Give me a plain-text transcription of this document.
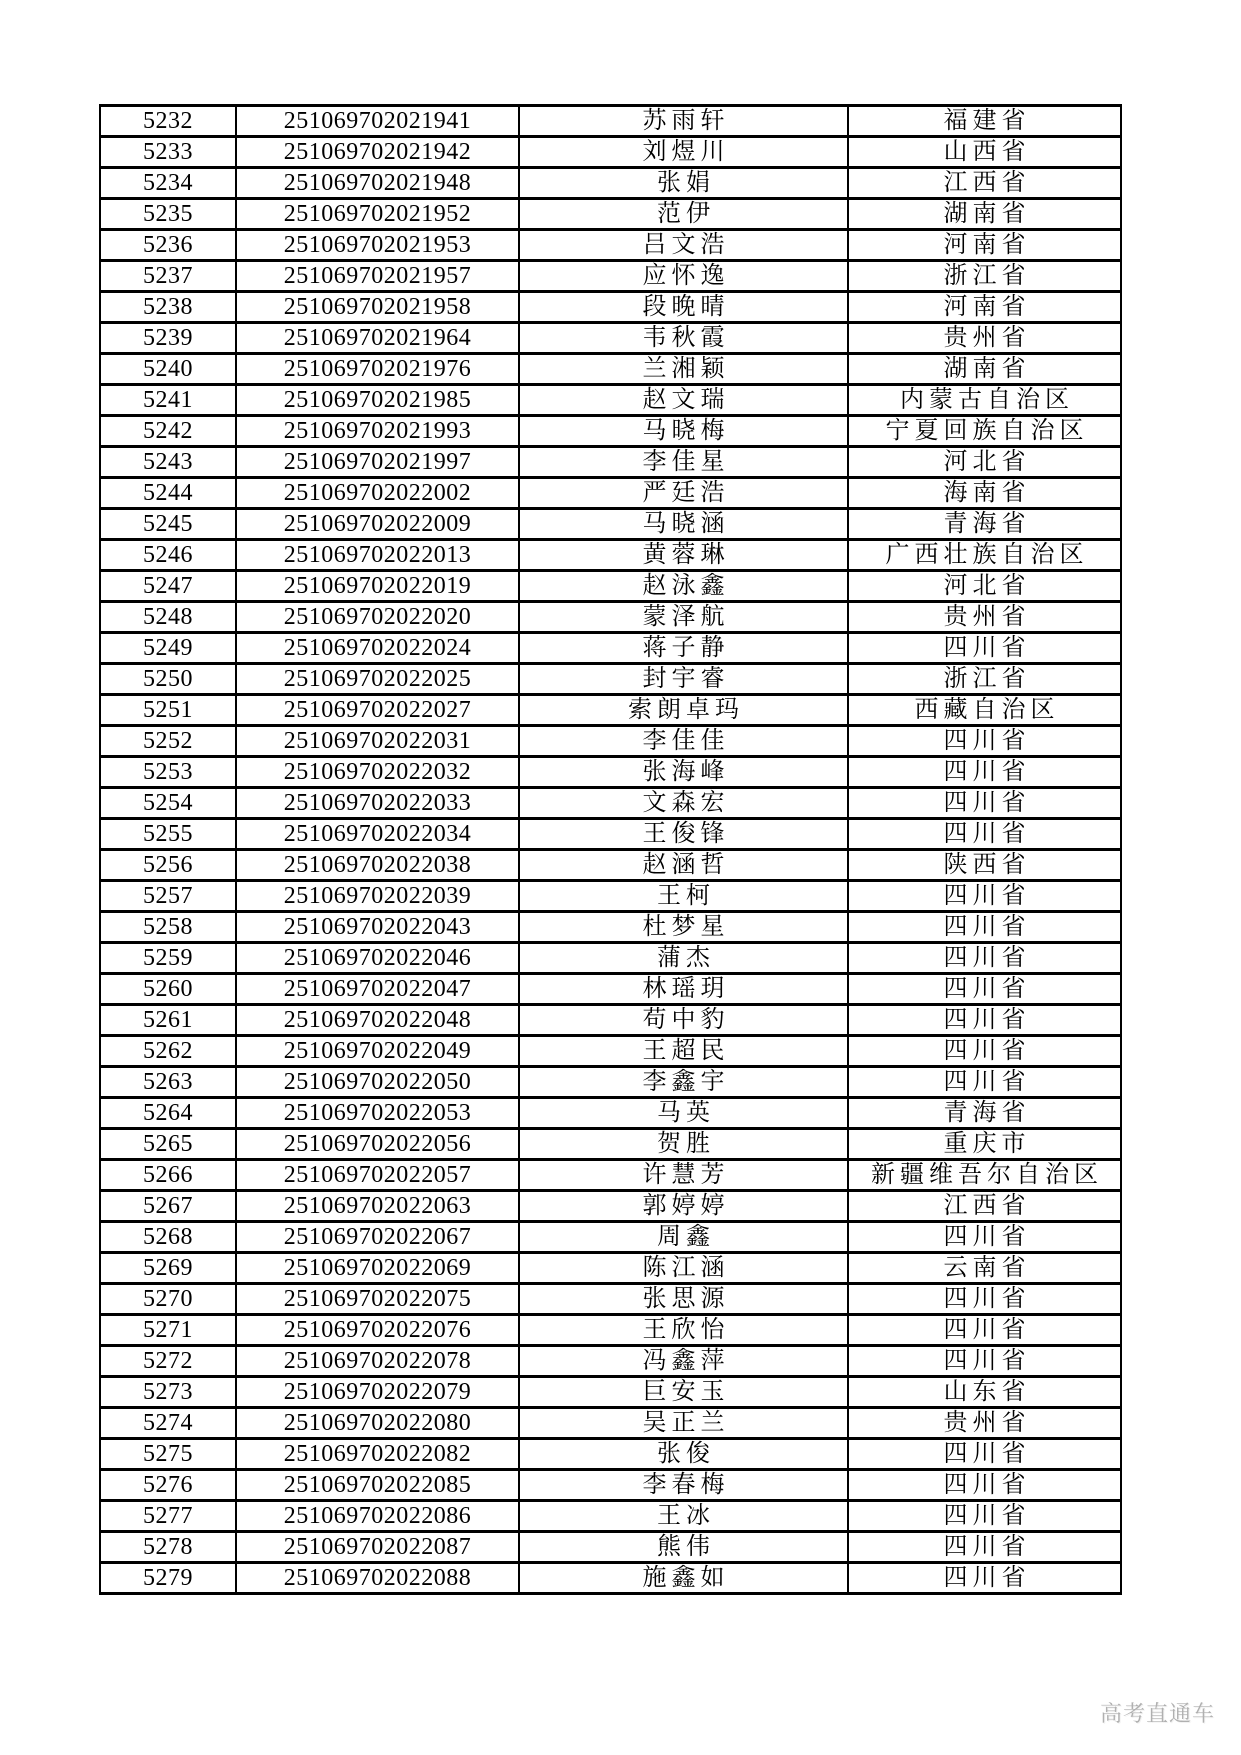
5232	251069702021941	苏雨轩	福建省
5233	251069702021942	刘煜川	山西省
5234	251069702021948	张娟	江西省
5235	251069702021952	范伊	湖南省
5236	251069702021953	吕文浩	河南省
5237	251069702021957	应怀逸	浙江省
5238	251069702021958	段晚晴	河南省
5239	251069702021964	韦秋霞	贵州省
5240	251069702021976	兰湘颖	湖南省
5241	251069702021985	赵文瑞	内蒙古自治区
5242	251069702021993	马晓梅	宁夏回族自治区
5243	251069702021997	李佳星	河北省
5244	251069702022002	严廷浩	海南省
5245	251069702022009	马晓涵	青海省
5246	251069702022013	黄蓉琳	广西壮族自治区
5247	251069702022019	赵泳鑫	河北省
5248	251069702022020	蒙泽航	贵州省
5249	251069702022024	蒋子静	四川省
5250	251069702022025	封宇睿	浙江省
5251	251069702022027	索朗卓玛	西藏自治区
5252	251069702022031	李佳佳	四川省
5253	251069702022032	张海峰	四川省
5254	251069702022033	文森宏	四川省
5255	251069702022034	王俊锋	四川省
5256	251069702022038	赵涵哲	陕西省
5257	251069702022039	王柯	四川省
5258	251069702022043	杜梦星	四川省
5259	251069702022046	蒲杰	四川省
5260	251069702022047	林瑶玥	四川省
5261	251069702022048	苟中豹	四川省
5262	251069702022049	王超民	四川省
5263	251069702022050	李鑫宇	四川省
5264	251069702022053	马英	青海省
5265	251069702022056	贺胜	重庆市
5266	251069702022057	许慧芳	新疆维吾尔自治区
5267	251069702022063	郭婷婷	江西省
5268	251069702022067	周鑫	四川省
5269	251069702022069	陈江涵	云南省
5270	251069702022075	张思源	四川省
5271	251069702022076	王欣怡	四川省
5272	251069702022078	冯鑫萍	四川省
5273	251069702022079	巨安玉	山东省
5274	251069702022080	吴正兰	贵州省
5275	251069702022082	张俊	四川省
5276	251069702022085	李春梅	四川省
5277	251069702022086	王冰	四川省
5278	251069702022087	熊伟	四川省
5279	251069702022088	施鑫如	四川省
高考直通车
